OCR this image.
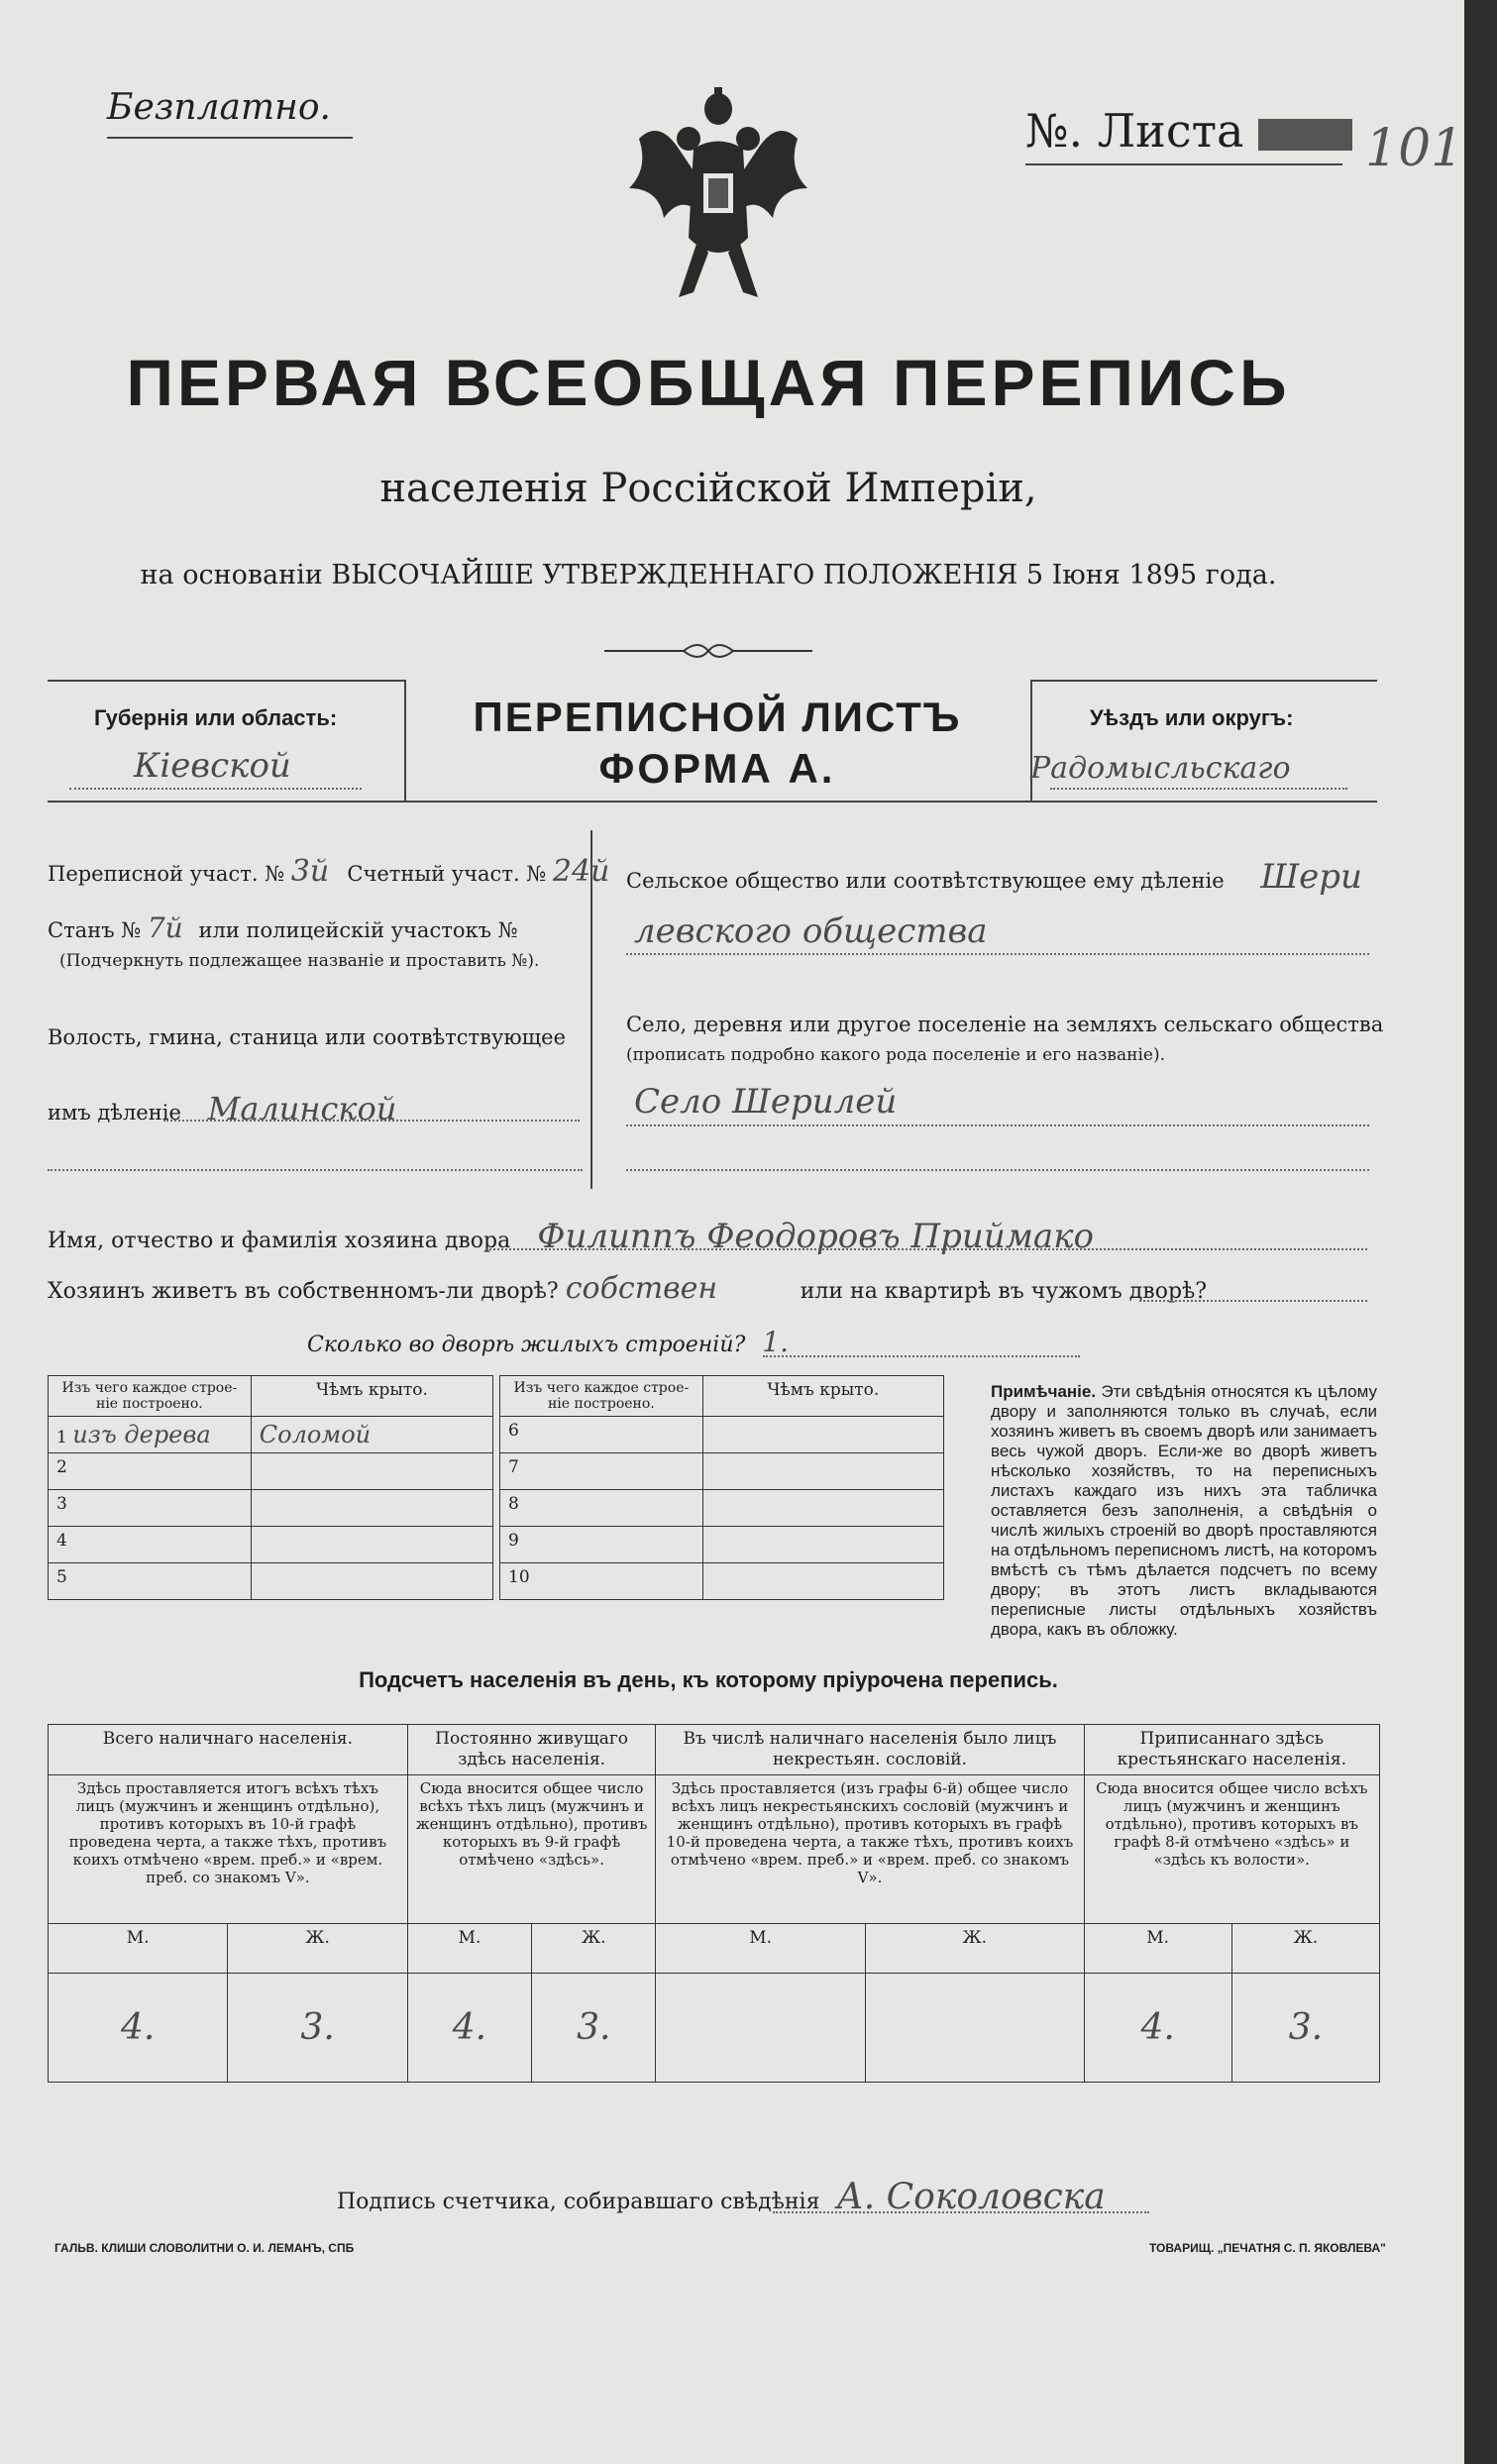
Безплатно.	№. Листа	101
ПЕРВАЯ ВСЕОБЩАЯ ПЕРЕПИСЬ
населенія Россійской Имперіи,
на основаніи ВЫСОЧАЙШЕ УТВЕРЖДЕННАГО ПОЛОЖЕНІЯ 5 Іюня 1895 года.
Губернія или область:
Кіевской
ПЕРЕПИСНОЙ ЛИСТЪ
ФОРМА А.
Уѣздъ или округъ:
Радомысльскаго
Переписной участ. № 3й Счетный участ. № 24й
Станъ № 7й или полицейскій участокъ №
(Подчеркнуть подлежащее названіе и проставить №).
Волость, гмина, станица или соотвѣтствующее
имъ дѣленіе Малинской
Сельское общество или соотвѣтствующее ему дѣленіе Шери
левского общества
Село, деревня или другое поселеніе на земляхъ сельскаго общества
(прописать подробно какого рода поселеніе и его названіе).
Село Шерилей
Имя, отчество и фамилія хозяина двора Филиппъ Феодоровъ Приймако
Хозяинъ живетъ въ собственномъ-ли дворѣ? собствен	или на квартирѣ въ чужомъ дворѣ?
Сколько во дворѣ жилыхъ строеній? 1.
Изъ чего каждое строе-ніе построено.	Чѣмъ крыто.		Изъ чего каждое строе-ніе построено.	Чѣмъ крыто.
1 изъ дерева	Соломой		6	
2			7	
3			8	
4			9	
5			10	
Примѣчаніе. Эти свѣдѣнія относятся къ цѣлому двору и заполняются только въ случаѣ, если хозяинъ живетъ въ своемъ дворѣ или занимаетъ весь чужой дворъ. Если-же во дворѣ живетъ нѣсколько хозяйствъ, то на переписныхъ листахъ каждаго изъ нихъ эта табличка оставляется безъ заполненія, а свѣдѣнія о числѣ жилыхъ строеній во дворѣ проставляются на отдѣльномъ переписномъ листѣ, на которомъ вмѣстѣ съ тѣмъ дѣлается подсчетъ по всему двору; въ этотъ листъ вкладываются переписные листы отдѣльныхъ хозяйствъ двора, какъ въ обложку.
Подсчетъ населенія въ день, къ которому пріурочена перепись.
Всего наличнаго населенія.		Постоянно живущаго здѣсь населенія.		Въ числѣ наличнаго населенія было лицъ некрестьян. сословій.		Приписаннаго здѣсь крестьянскаго населенія.	
Здѣсь проставляется итогъ всѣхъ тѣхъ лицъ (мужчинъ и женщинъ отдѣльно), противъ которыхъ въ 10-й графѣ проведена черта, а также тѣхъ, противъ коихъ отмѣчено «врем. преб.» и «врем. преб. со знакомъ V».		Сюда вносится общее число всѣхъ тѣхъ лицъ (мужчинъ и женщинъ отдѣльно), противъ которыхъ въ 9-й графѣ отмѣчено «здѣсь».		Здѣсь проставляется (изъ графы 6-й) общее число всѣхъ лицъ некрестьянскихъ сословій (мужчинъ и женщинъ отдѣльно), противъ которыхъ въ графѣ 10-й проведена черта, а также тѣхъ, противъ коихъ отмѣчено «врем. преб.» и «врем. преб. со знакомъ V».		Сюда вносится общее число всѣхъ лицъ (мужчинъ и женщинъ отдѣльно), противъ которыхъ въ графѣ 8-й отмѣчено «здѣсь» и «здѣсь къ волости».	
М.	Ж.	М.	Ж.	М.	Ж.	М.	Ж.
4.	3.	4.	3.			4.	3.
Подпись счетчика, собиравшаго свѣдѣнія А. Соколовска
ГАЛЬВ. КЛИШИ СЛОВОЛИТНИ О. И. ЛЕМАНЪ, СПБ	ТОВАРИЩ. „ПЕЧАТНЯ С. П. ЯКОВЛЕВА"
